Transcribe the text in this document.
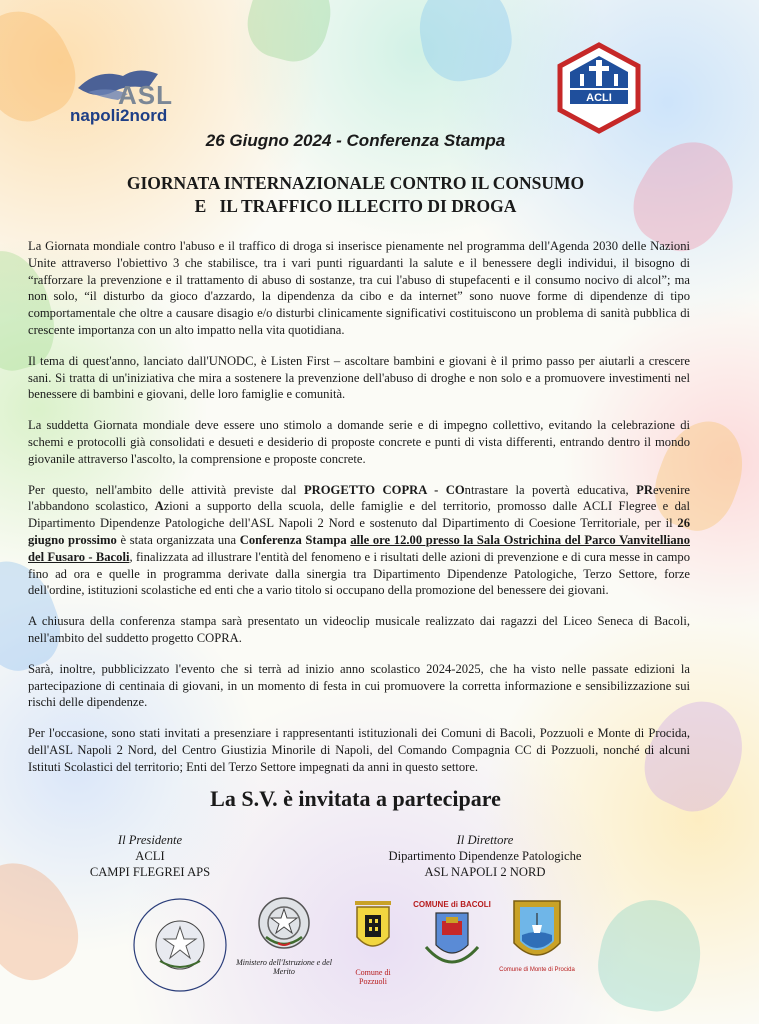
ASL
napoli2nord
ACLI
26 Giugno 2024 - Conferenza Stampa
GIORNATA INTERNAZIONALE CONTRO IL CONSUMO
E   IL TRAFFICO ILLECITO DI DROGA

La Giornata mondiale contro l'abuso e il traffico di droga si inserisce pienamente nel programma dell'Agenda 2030 delle Nazioni Unite attraverso l'obiettivo 3 che stabilisce, tra i vari punti riguardanti la salute e il benessere degli individui, il bisogno di “rafforzare la prevenzione e il trattamento di abuso di sostanze, tra cui l'abuso di stupefacenti e il consumo nocivo di alcol”; ma non solo, “il disturbo da gioco d'azzardo, la dipendenza da cibo e da internet” sono nuove forme di dipendenze di tipo comportamentale che oltre a causare disagio e/o disturbi clinicamente significativi costituiscono un problema di sanità pubblica di crescente importanza con un alto impatto nella vita quotidiana.

Il tema di quest'anno, lanciato dall'UNODC, è Listen First – ascoltare bambini e giovani è il primo passo per aiutarli a crescere sani. Si tratta di un'iniziativa che mira a sostenere la prevenzione dell'abuso di droghe e non solo e a promuovere investimenti nel benessere di bambini e giovani, delle loro famiglie e comunità.

La suddetta Giornata mondiale deve essere uno stimolo a domande serie e di impegno collettivo, evitando la celebrazione di schemi e protocolli già consolidati e desueti e desiderio di proposte concrete e punti di vista differenti, entrando dentro il mondo giovanile attraverso l'ascolto, la comprensione e proposte concrete.

Per questo, nell'ambito delle attività previste dal PROGETTO COPRA - COntrastare la povertà educativa, PRevenire l'abbandono scolastico, Azioni a supporto della scuola, delle famiglie e del territorio, promosso dalle ACLI Flegree e dal Dipartimento Dipendenze Patologiche dell'ASL Napoli 2 Nord e sostenuto dal Dipartimento di Coesione Territoriale, per il 26 giugno prossimo è stata organizzata una Conferenza Stampa alle ore 12.00 presso la Sala Ostrichina del Parco Vanvitelliano del Fusaro - Bacoli, finalizzata ad illustrare l'entità del fenomeno e i risultati delle azioni di prevenzione e di cura messe in campo fino ad ora e quelle in programma derivate dalla sinergia tra Dipartimento Dipendenze Patologiche, Terzo Settore, forze dell'ordine, istituzioni scolastiche ed enti che a vario titolo si occupano della promozione del benessere dei giovani.

A chiusura della conferenza stampa sarà presentato un videoclip musicale realizzato dai ragazzi del Liceo Seneca di Bacoli, nell'ambito del suddetto progetto COPRA.

Sarà, inoltre, pubblicizzato l'evento che si terrà ad inizio anno scolastico 2024-2025, che ha visto nelle passate edizioni la partecipazione di centinaia di giovani, in un momento di festa in cui promuovere la corretta informazione e sensibilizzazione sui rischi delle dipendenze.

Per l'occasione, sono stati invitati a presenziare i rappresentanti istituzionali dei Comuni di Bacoli, Pozzuoli e Monte di Procida, dell'ASL Napoli 2 Nord, del Centro Giustizia Minorile di Napoli, del Comando Compagnia CC di Pozzuoli, nonché di alcuni Istituti Scolastici del territorio; Enti del Terzo Settore impegnati da anni in questo settore.

La S.V. è invitata a partecipare
Il Presidente
ACLI
CAMPI FLEGREI APS
Il Direttore
Dipartimento Dipendenze Patologiche
ASL NAPOLI 2 NORD
Ministero dell'Istruzione e del Merito	Comune di Pozzuoli
COMUNE di BACOLI
Comune di Monte di Procida
